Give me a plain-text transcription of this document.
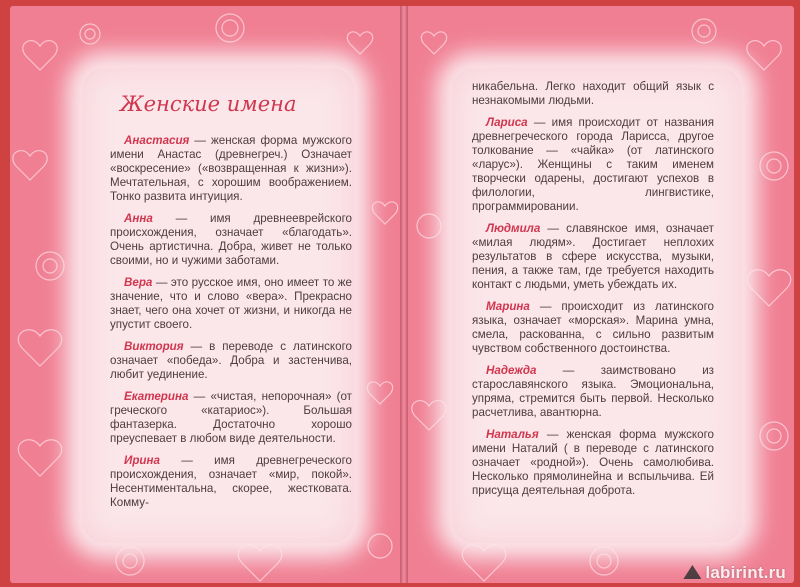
Женские имена

Анастасия — женская форма мужского имени Анастас (древнегреч.) Означает «воскресение» («возвращенная к жизни»). Мечтательная, с хорошим воображением. Тонко развита интуиция.

Анна — имя древнееврейского происхождения, означает «благодать». Очень артистична. Добра, живет не только своими, но и чужими заботами.

Вера — это русское имя, оно имеет то же значение, что и слово «вера». Прекрасно знает, чего она хочет от жизни, и никогда не упустит своего.

Виктория — в переводе с латинского означает «победа». Добра и застенчива, любит уединение.

Екатерина — «чистая, непорочная» (от греческого «катариос»). Большая фантазерка. Достаточно хорошо преуспевает в любом виде деятельности.

Ирина — имя древнегреческого происхождения, означает «мир, покой». Несентиментальна, скорее, жестковата. Комму-

никабельна. Легко находит общий язык с незнакомыми людьми.

Лариса — имя происходит от названия древнегреческого города Ларисса, другое толкование — «чайка» (от латинского «ларус»). Женщины с таким именем творчески одарены, достигают успехов в филологии, лингвистике, программировании.

Людмила — славянское имя, означает «милая людям». Достигает неплохих результатов в сфере искусства, музыки, пения, а также там, где требуется находить контакт с людьми, уметь убеждать их.

Марина — происходит из латинского языка, означает «морская». Марина умна, смела, раскованна, с сильно развитым чувством собственного достоинства.

Надежда — заимствовано из старославянского языка. Эмоциональна, упряма, стремится быть первой. Несколько расчетлива, авантюрна.

Наталья — женская форма мужского имени Наталий ( в переводе с латинского означает «родной»). Очень самолюбива. Несколько прямолинейна и вспыльчива. Ей присуща деятельная доброта.

labirint.ru
